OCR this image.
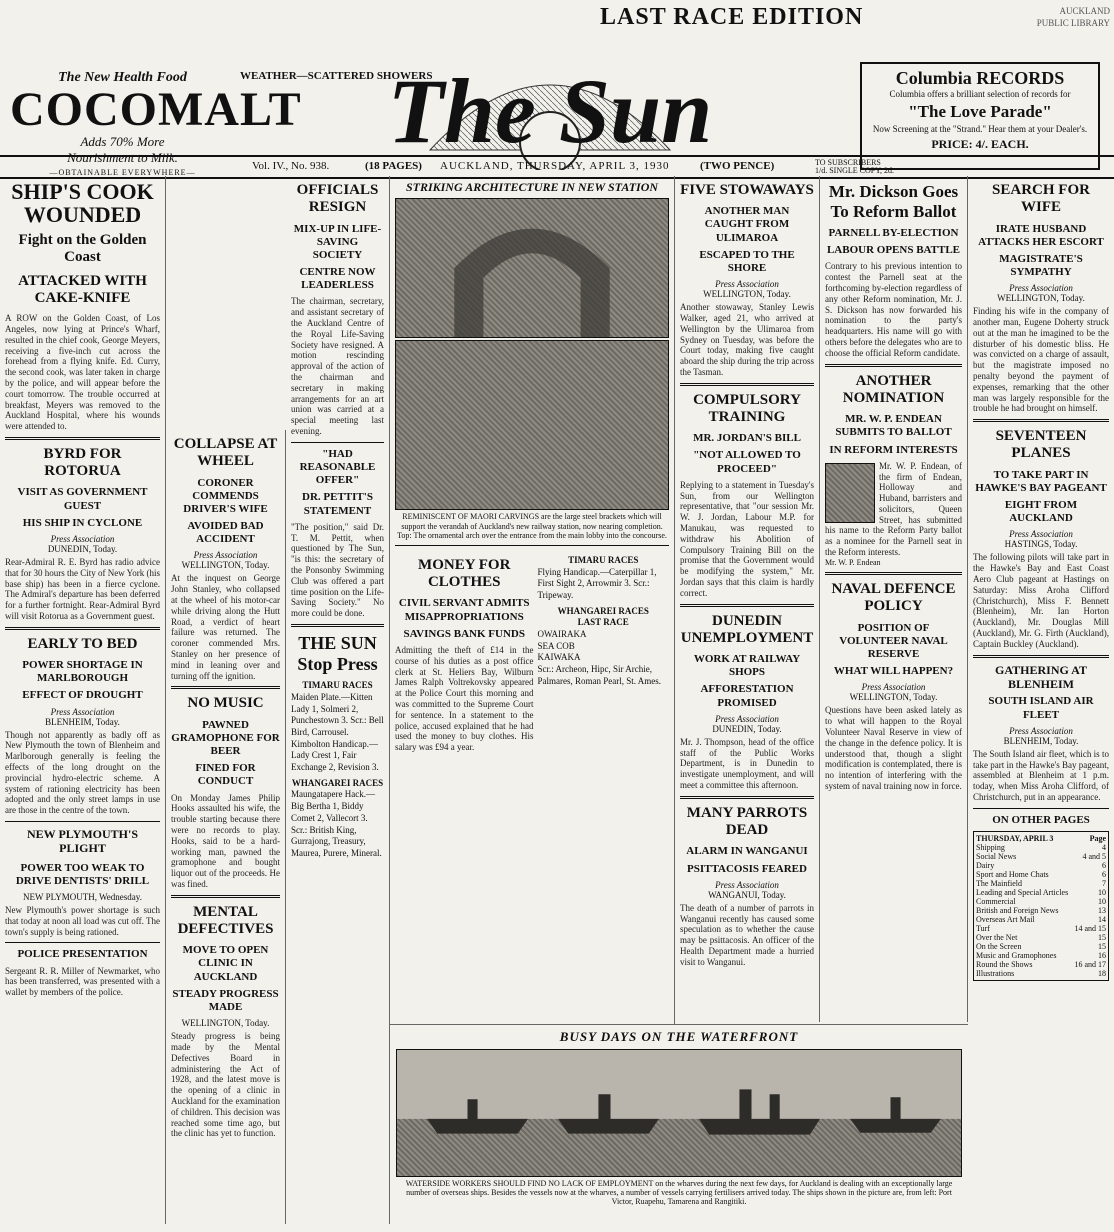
LAST RACE EDITION	AUCKLAND
PUBLIC LIBRARY
The New Health Food
COCOMALT
Adds 70% More
Nourishment to Milk.
—OBTAINABLE EVERYWHERE—
WEATHER—SCATTERED SHOWERS
The Sun	Columbia RECORDS
Columbia offers a brilliant selection of records for
"The Love Parade"
Now Screening at the "Strand." Hear them at your Dealer's.
PRICE: 4/. EACH.
Vol. IV., No. 938.	(18 PAGES) AUCKLAND, THURSDAY, APRIL 3, 1930	(TWO PENCE)	TO SUBSCRIBERS 1/d. SINGLE COPY, 2d.
SHIP'S COOK WOUNDED
Fight on the Golden Coast
ATTACKED WITH CAKE-KNIFE

A ROW on the Golden Coast, of Los Angeles, now lying at Prince's Wharf, resulted in the chief cook, George Meyers, receiving a five-inch cut across the forehead from a flying knife. Ed. Curry, the second cook, was later taken in charge by the police, and will appear before the court tomorrow. The trouble occurred at breakfast, Meyers was removed to the Auckland Hospital, where his wounds were attended to.

BYRD FOR ROTORUA
VISIT AS GOVERNMENT GUEST
HIS SHIP IN CYCLONE
Press Association
DUNEDIN, Today.

Rear-Admiral R. E. Byrd has radio advice that for 30 hours the City of New York (his base ship) has been in a fierce cyclone. The Admiral's departure has been deferred for a further fortnight. Rear-Admiral Byrd will visit Rotorua as a Government guest.

EARLY TO BED
POWER SHORTAGE IN MARLBOROUGH
EFFECT OF DROUGHT
Press Association
BLENHEIM, Today.

Though not apparently as badly off as New Plymouth the town of Blenheim and Marlborough generally is feeling the effects of the long drought on the provincial hydro-electric scheme. A system of rationing electricity has been adopted and the only street lamps in use are those in the centre of the town.

NEW PLYMOUTH'S PLIGHT
POWER TOO WEAK TO DRIVE DENTISTS' DRILL
NEW PLYMOUTH, Wednesday.

New Plymouth's power shortage is such that today at noon all load was cut off. The town's supply is being rationed.

POLICE PRESENTATION

Sergeant R. R. Miller of Newmarket, who has been transferred, was presented with a wallet by members of the police.

COLLAPSE AT WHEEL
CORONER COMMENDS DRIVER'S WIFE
AVOIDED BAD ACCIDENT
Press Association
WELLINGTON, Today.

At the inquest on George John Stanley, who collapsed at the wheel of his motor-car while driving along the Hutt Road, a verdict of heart failure was returned. The coroner commended Mrs. Stanley on her presence of mind in leaning over and turning off the ignition.

NO MUSIC
PAWNED GRAMOPHONE FOR BEER
FINED FOR CONDUCT

On Monday James Philip Hooks assaulted his wife, the trouble starting because there were no records to play. Hooks, said to be a hard-working man, pawned the gramophone and bought liquor out of the proceeds. He was fined.

MENTAL DEFECTIVES
MOVE TO OPEN CLINIC IN AUCKLAND
STEADY PROGRESS MADE
WELLINGTON, Today.

Steady progress is being made by the Mental Defectives Board in administering the Act of 1928, and the latest move is the opening of a clinic in Auckland for the examination of children. This decision was reached some time ago, but the clinic has yet to function.

OFFICIALS RESIGN
MIX-UP IN LIFE-SAVING SOCIETY
CENTRE NOW LEADERLESS

The chairman, secretary, and assistant secretary of the Auckland Centre of the Royal Life-Saving Society have resigned. A motion rescinding approval of the action of the chairman and secretary in making arrangements for an art union was carried at a special meeting last evening.

"HAD REASONABLE OFFER"
DR. PETTIT'S STATEMENT

"The position," said Dr. T. M. Pettit, when questioned by The Sun, "is this: the secretary of the Ponsonby Swimming Club was offered a part time position on the Life-Saving Society." No more could be done.

THE SUN Stop Press
TIMARU RACES
Maiden Plate.—Kitten Lady 1, Solmeri 2, Punchestown 3. Scr.: Bell Bird, Carrousel.
Kimbolton Handicap.—Lady Crest 1, Fair Exchange 2, Revision 3.
WHANGAREI RACES
Maungatapere Hack.—Big Bertha 1, Biddy Comet 2, Vallecort 3. Scr.: British King, Gurrajong, Treasury, Maurea, Purere, Mineral.
STRIKING ARCHITECTURE IN NEW STATION
REMINISCENT OF MAORI CARVINGS are the large steel brackets which will support the verandah of Auckland's new railway station, now nearing completion. Top: The ornamental arch over the entrance from the main lobby into the concourse.
MONEY FOR CLOTHES
CIVIL SERVANT ADMITS MISAPPROPRIATIONS
SAVINGS BANK FUNDS

Admitting the theft of £14 in the course of his duties as a post office clerk at St. Heliers Bay, Wilburn James Ralph Voltrekovsky appeared at the Police Court this morning and was committed to the Supreme Court for sentence. In a statement to the police, accused explained that he had used the money to buy clothes. His salary was £94 a year.

TIMARU RACES
Flying Handicap.—Caterpillar 1, First Sight 2, Arrowmir 3. Scr.: Tripeway.
WHANGAREI RACES
LAST RACE
OWAIRAKA
SEA COB
KAIWAKA
Scr.: Archeon, Hipc, Sir Archie, Palmares, Roman Pearl, St. Ames.
FIVE STOWAWAYS
ANOTHER MAN CAUGHT FROM ULIMAROA
ESCAPED TO THE SHORE
Press Association
WELLINGTON, Today.

Another stowaway, Stanley Lewis Walker, aged 21, who arrived at Wellington by the Ulimaroa from Sydney on Tuesday, was before the Court today, making five caught aboard the ship during the trip across the Tasman.

COMPULSORY TRAINING
MR. JORDAN'S BILL
"NOT ALLOWED TO PROCEED"

Replying to a statement in Tuesday's Sun, from our Wellington representative, that "our session Mr. W. J. Jordan, Labour M.P. for Manukau, was requested to withdraw his Abolition of Compulsory Training Bill on the promise that the Government would be modifying the system," Mr. Jordan says that this claim is hardly correct.

DUNEDIN UNEMPLOYMENT
WORK AT RAILWAY SHOPS
AFFORESTATION PROMISED
Press Association
DUNEDIN, Today.

Mr. J. Thompson, head of the office staff of the Public Works Department, is in Dunedin to investigate unemployment, and will meet a committee this afternoon.

MANY PARROTS DEAD
ALARM IN WANGANUI
PSITTACOSIS FEARED
Press Association
WANGANUI, Today.

The death of a number of parrots in Wanganui recently has caused some speculation as to whether the cause may be psittacosis. An officer of the Health Department made a hurried visit to Wanganui.

Mr. Dickson Goes
To Reform Ballot
PARNELL BY-ELECTION
LABOUR OPENS BATTLE

Contrary to his previous intention to contest the Parnell seat at the forthcoming by-election regardless of any other Reform nomination, Mr. J. S. Dickson has now forwarded his nomination to the party's headquarters. His name will go with others before the delegates who are to choose the official Reform candidate.

ANOTHER NOMINATION
MR. W. P. ENDEAN SUBMITS TO BALLOT
IN REFORM INTERESTS

Mr. W. P. Endean, of the firm of Endean, Holloway and Huband, barristers and solicitors, Queen Street, has submitted his name to the Reform Party ballot as a nominee for the Parnell seat in the Reform interests.

Mr. W. P. Endean
NAVAL DEFENCE POLICY
POSITION OF VOLUNTEER NAVAL RESERVE
WHAT WILL HAPPEN?
Press Association
WELLINGTON, Today.

Questions have been asked lately as to what will happen to the Royal Volunteer Naval Reserve in view of the change in the defence policy. It is understood that, though a slight modification is contemplated, there is no intention of interfering with the system of naval training now in force.

SEARCH FOR WIFE
IRATE HUSBAND ATTACKS HER ESCORT
MAGISTRATE'S SYMPATHY
Press Association
WELLINGTON, Today.

Finding his wife in the company of another man, Eugene Doherty struck out at the man he imagined to be the disturber of his domestic bliss. He was convicted on a charge of assault, but the magistrate imposed no penalty beyond the payment of expenses, remarking that the other man was largely responsible for the trouble he had brought on himself.

SEVENTEEN PLANES
TO TAKE PART IN HAWKE'S BAY PAGEANT
EIGHT FROM AUCKLAND
Press Association
HASTINGS, Today.

The following pilots will take part in the Hawke's Bay and East Coast Aero Club pageant at Hastings on Saturday: Miss Aroha Clifford (Christchurch), Miss F. Bennett (Blenheim), Mr. Ian Horton (Auckland), Mr. Douglas Mill (Auckland), Mr. G. Firth (Auckland), Captain Buckley (Auckland).

GATHERING AT BLENHEIM
SOUTH ISLAND AIR FLEET
Press Association
BLENHEIM, Today.

The South Island air fleet, which is to take part in the Hawke's Bay pageant, assembled at Blenheim at 1 p.m. today, when Miss Aroha Clifford, of Christchurch, put in an appearance.

ON OTHER PAGES
THURSDAY, APRIL 3	Page
Shipping	4
Social News	4 and 5
Dairy	6
Sport and Home Chats	6
The Mainfield	7
Leading and Special Articles	10
Commercial	10
British and Foreign News	13
Overseas Art Mail	14
Turf	14 and 15
Over the Net	15
On the Screen	15
Music and Gramophones	16
Round the Shows	16 and 17
Illustrations	18
BUSY DAYS ON THE WATERFRONT
WATERSIDE WORKERS SHOULD FIND NO LACK OF EMPLOYMENT on the wharves during the next few days, for Auckland is dealing with an exceptionally large number of overseas ships. Besides the vessels now at the wharves, a number of vessels carrying fertilisers arrived today. The ships shown in the picture are, from left: Port Victor, Ruapehu, Tamarena and Rangitiki.
